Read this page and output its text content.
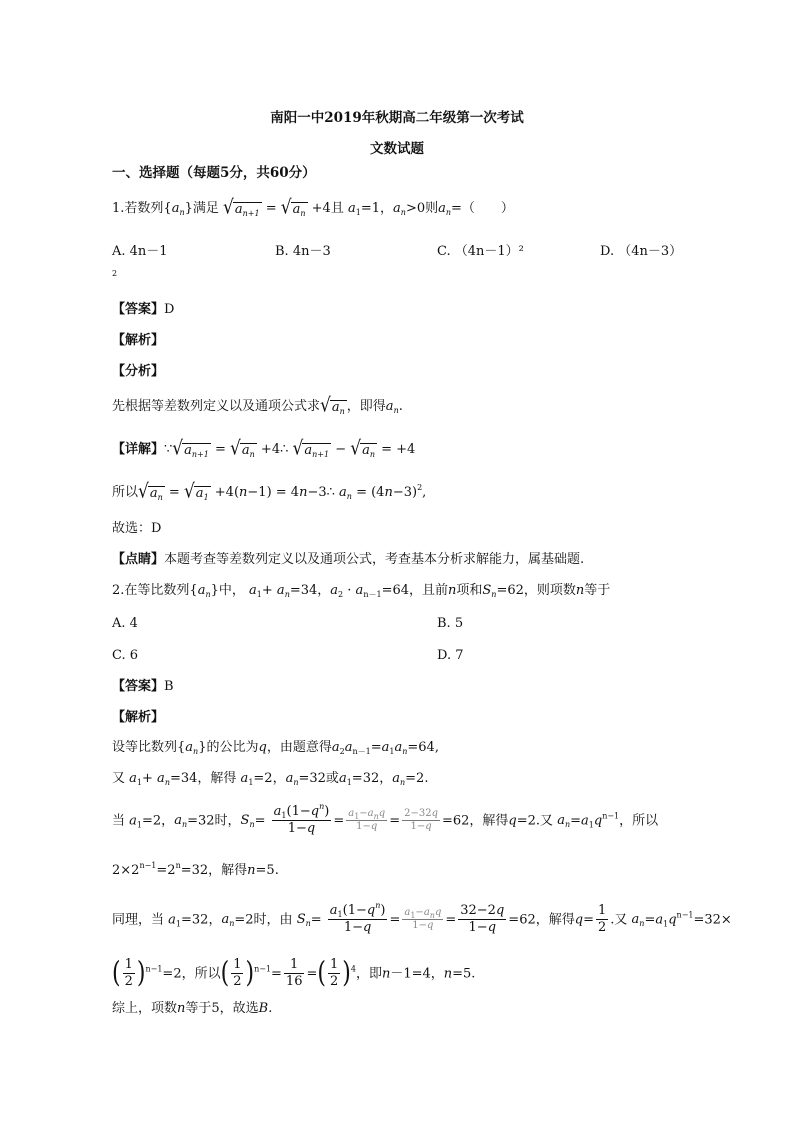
南阳一中2019年秋期高二年级第一次考试
文数试题
一、选择题（每题5分，共60分）
1.若数列$\{a_n\}$满足 $√a_{n+1} = √a_n +4$且 $a_1=1$，$a_n>0$则$a_n=$（　　）
A. 4n－1	B. 4n－3	C. （4n－1）²	D. （4n－3）
2
【答案】D
【解析】
【分析】
先根据等差数列定义以及通项公式求$√a_n$ ，即得$a_n$.
【详解】$\because√a_{n+1} = √a_n$ +4∴ $√a_{n+1} - √a_n = +4$
所以$√a_n = √a_1 +4(n-1)$ = 4n−3∴ $a_n = (4n-3)^2$,
故选：D
【点睛】本题考查等差数列定义以及通项公式，考查基本分析求解能力，属基础题.
2.在等比数列$\{a_n\}$中， $a_1+ a_n=34$，$a_2 \cdot a_{n-1}=64$，且前n项和$S_n=62$，则项数n等于
A. 4	B. 5
C. 6	D. 7
【答案】B
【解析】
设等比数列$\{a_n\}$的公比为q，由题意得$a_2a_{n-1}=a_1a_n=64$,
又 $a_1+ a_n=34$，解得 $a_1=2$，$a_n=32$或$a_1=32$，$a_n=2$.
当 $a_1=2$，$a_n=32$时，$S_n= \frac{a_1(1-q^n)}{1-q} = \frac{a_1-a_nq}{1-q} = \frac{2-32q}{1-q} =62$，解得q=2.又 $a_n=a_1q^{n-1}$，所以
$2\times 2^{n-1}=2^n=32$，解得n=5.
同理，当 $a_1=32$，$a_n=2$时，由 $S_n= \frac{a_1(1-q^n)}{1-q} = \frac{a_1-a_nq}{1-q} = \frac{32-2q}{1-q} =62$，解得$q= \frac{1}{2}$ .又 $a_n=a_1q^{n-1}=32\times$
( $\frac{1}{2} )^{n-1}=2$，所以( $\frac{1}{2} )^{n-1}= \frac{1}{16}$ =( $\frac{1}{2} )^4$，即n－1=4，n=5.
综上，项数n等于5，故选B.
